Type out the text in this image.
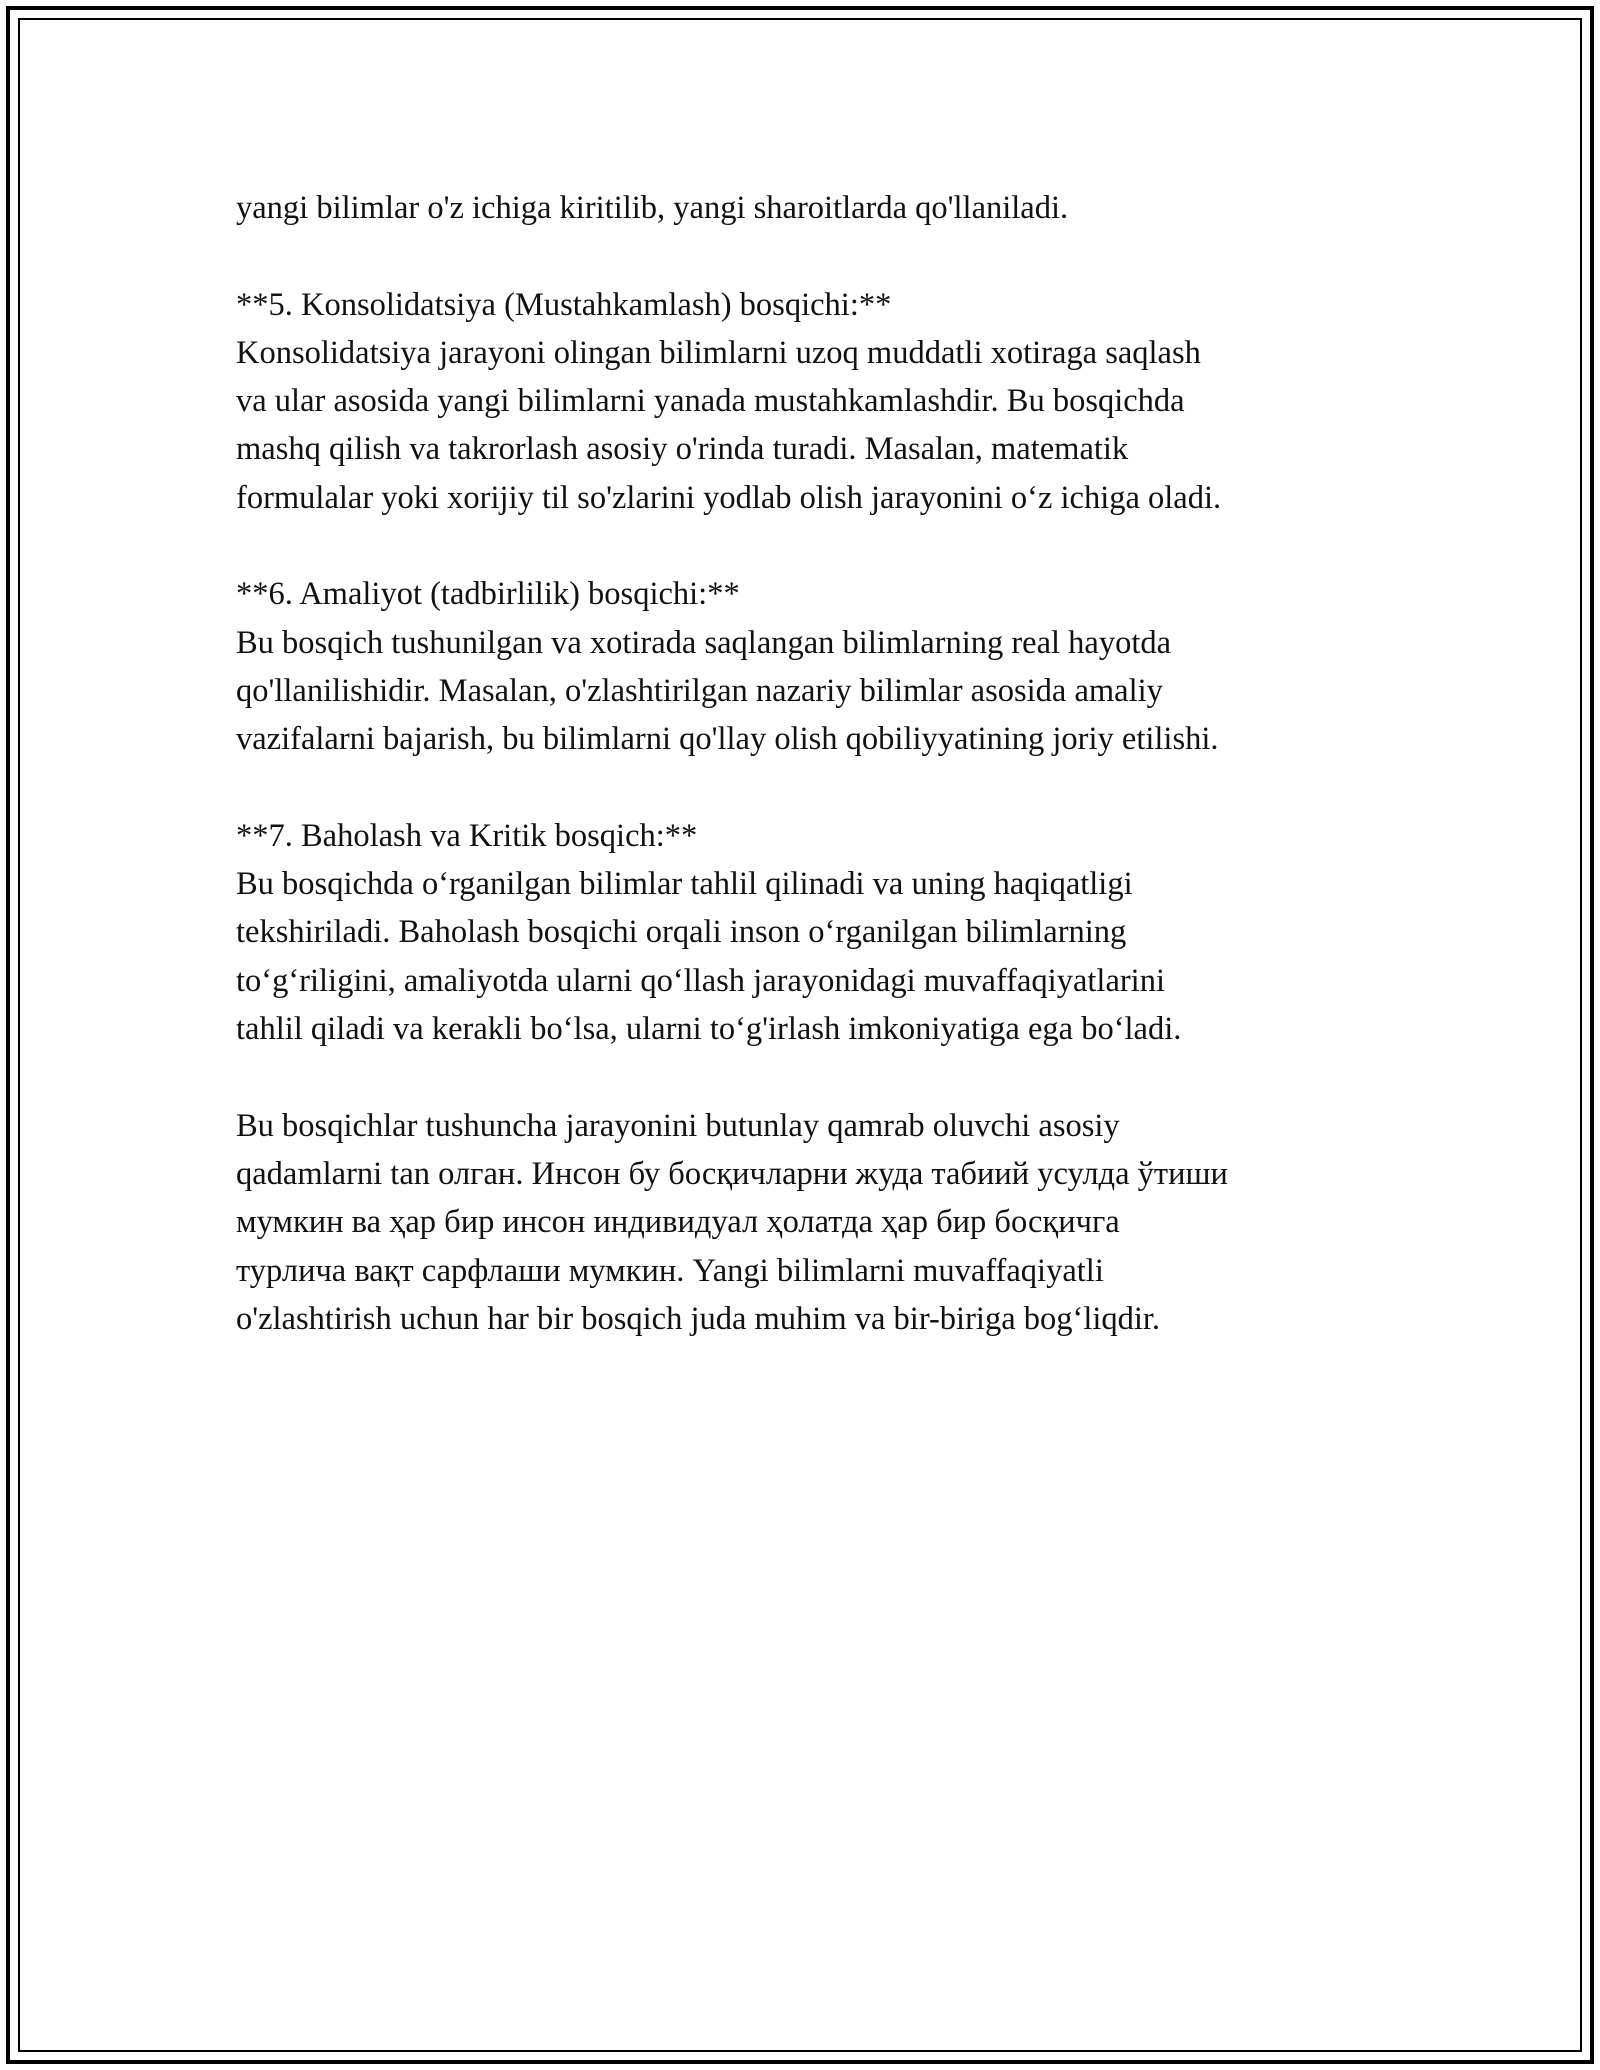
yangi bilimlar o'z ichiga kiritilib, yangi sharoitlarda qo'llaniladi.

**5. Konsolidatsiya (Mustahkamlash) bosqichi:**
Konsolidatsiya jarayoni olingan bilimlarni uzoq muddatli xotiraga saqlash
va ular asosida yangi bilimlarni yanada mustahkamlashdir. Bu bosqichda
mashq qilish va takrorlash asosiy o'rinda turadi. Masalan, matematik
formulalar yoki xorijiy til so'zlarini yodlab olish jarayonini oʻz ichiga oladi.

**6. Amaliyot (tadbirlilik) bosqichi:**
Bu bosqich tushunilgan va xotirada saqlangan bilimlarning real hayotda
qo'llanilishidir. Masalan, o'zlashtirilgan nazariy bilimlar asosida amaliy
vazifalarni bajarish, bu bilimlarni qo'llay olish qobiliyyatining joriy etilishi.

**7. Baholash va Kritik bosqich:**
Bu bosqichda oʻrganilgan bilimlar tahlil qilinadi va uning haqiqatligi
tekshiriladi. Baholash bosqichi orqali inson oʻrganilgan bilimlarning
toʻgʻriligini, amaliyotda ularni qoʻllash jarayonidagi muvaffaqiyatlarini
tahlil qiladi va kerakli boʻlsa, ularni toʻg'irlash imkoniyatiga ega boʻladi.

Bu bosqichlar tushuncha jarayonini butunlay qamrab oluvchi asosiy
qadamlarni tan олган. Инсон бу босқичларни жуда табиий усулда ўтиши
мумкин ва ҳар бир инсон индивидуал ҳолатда ҳар бир босқичга
турлича вақт сарфлаши мумкин. Yangi bilimlarni muvaffaqiyatli
o'zlashtirish uchun har bir bosqich juda muhim va bir-biriga bogʻliqdir.
